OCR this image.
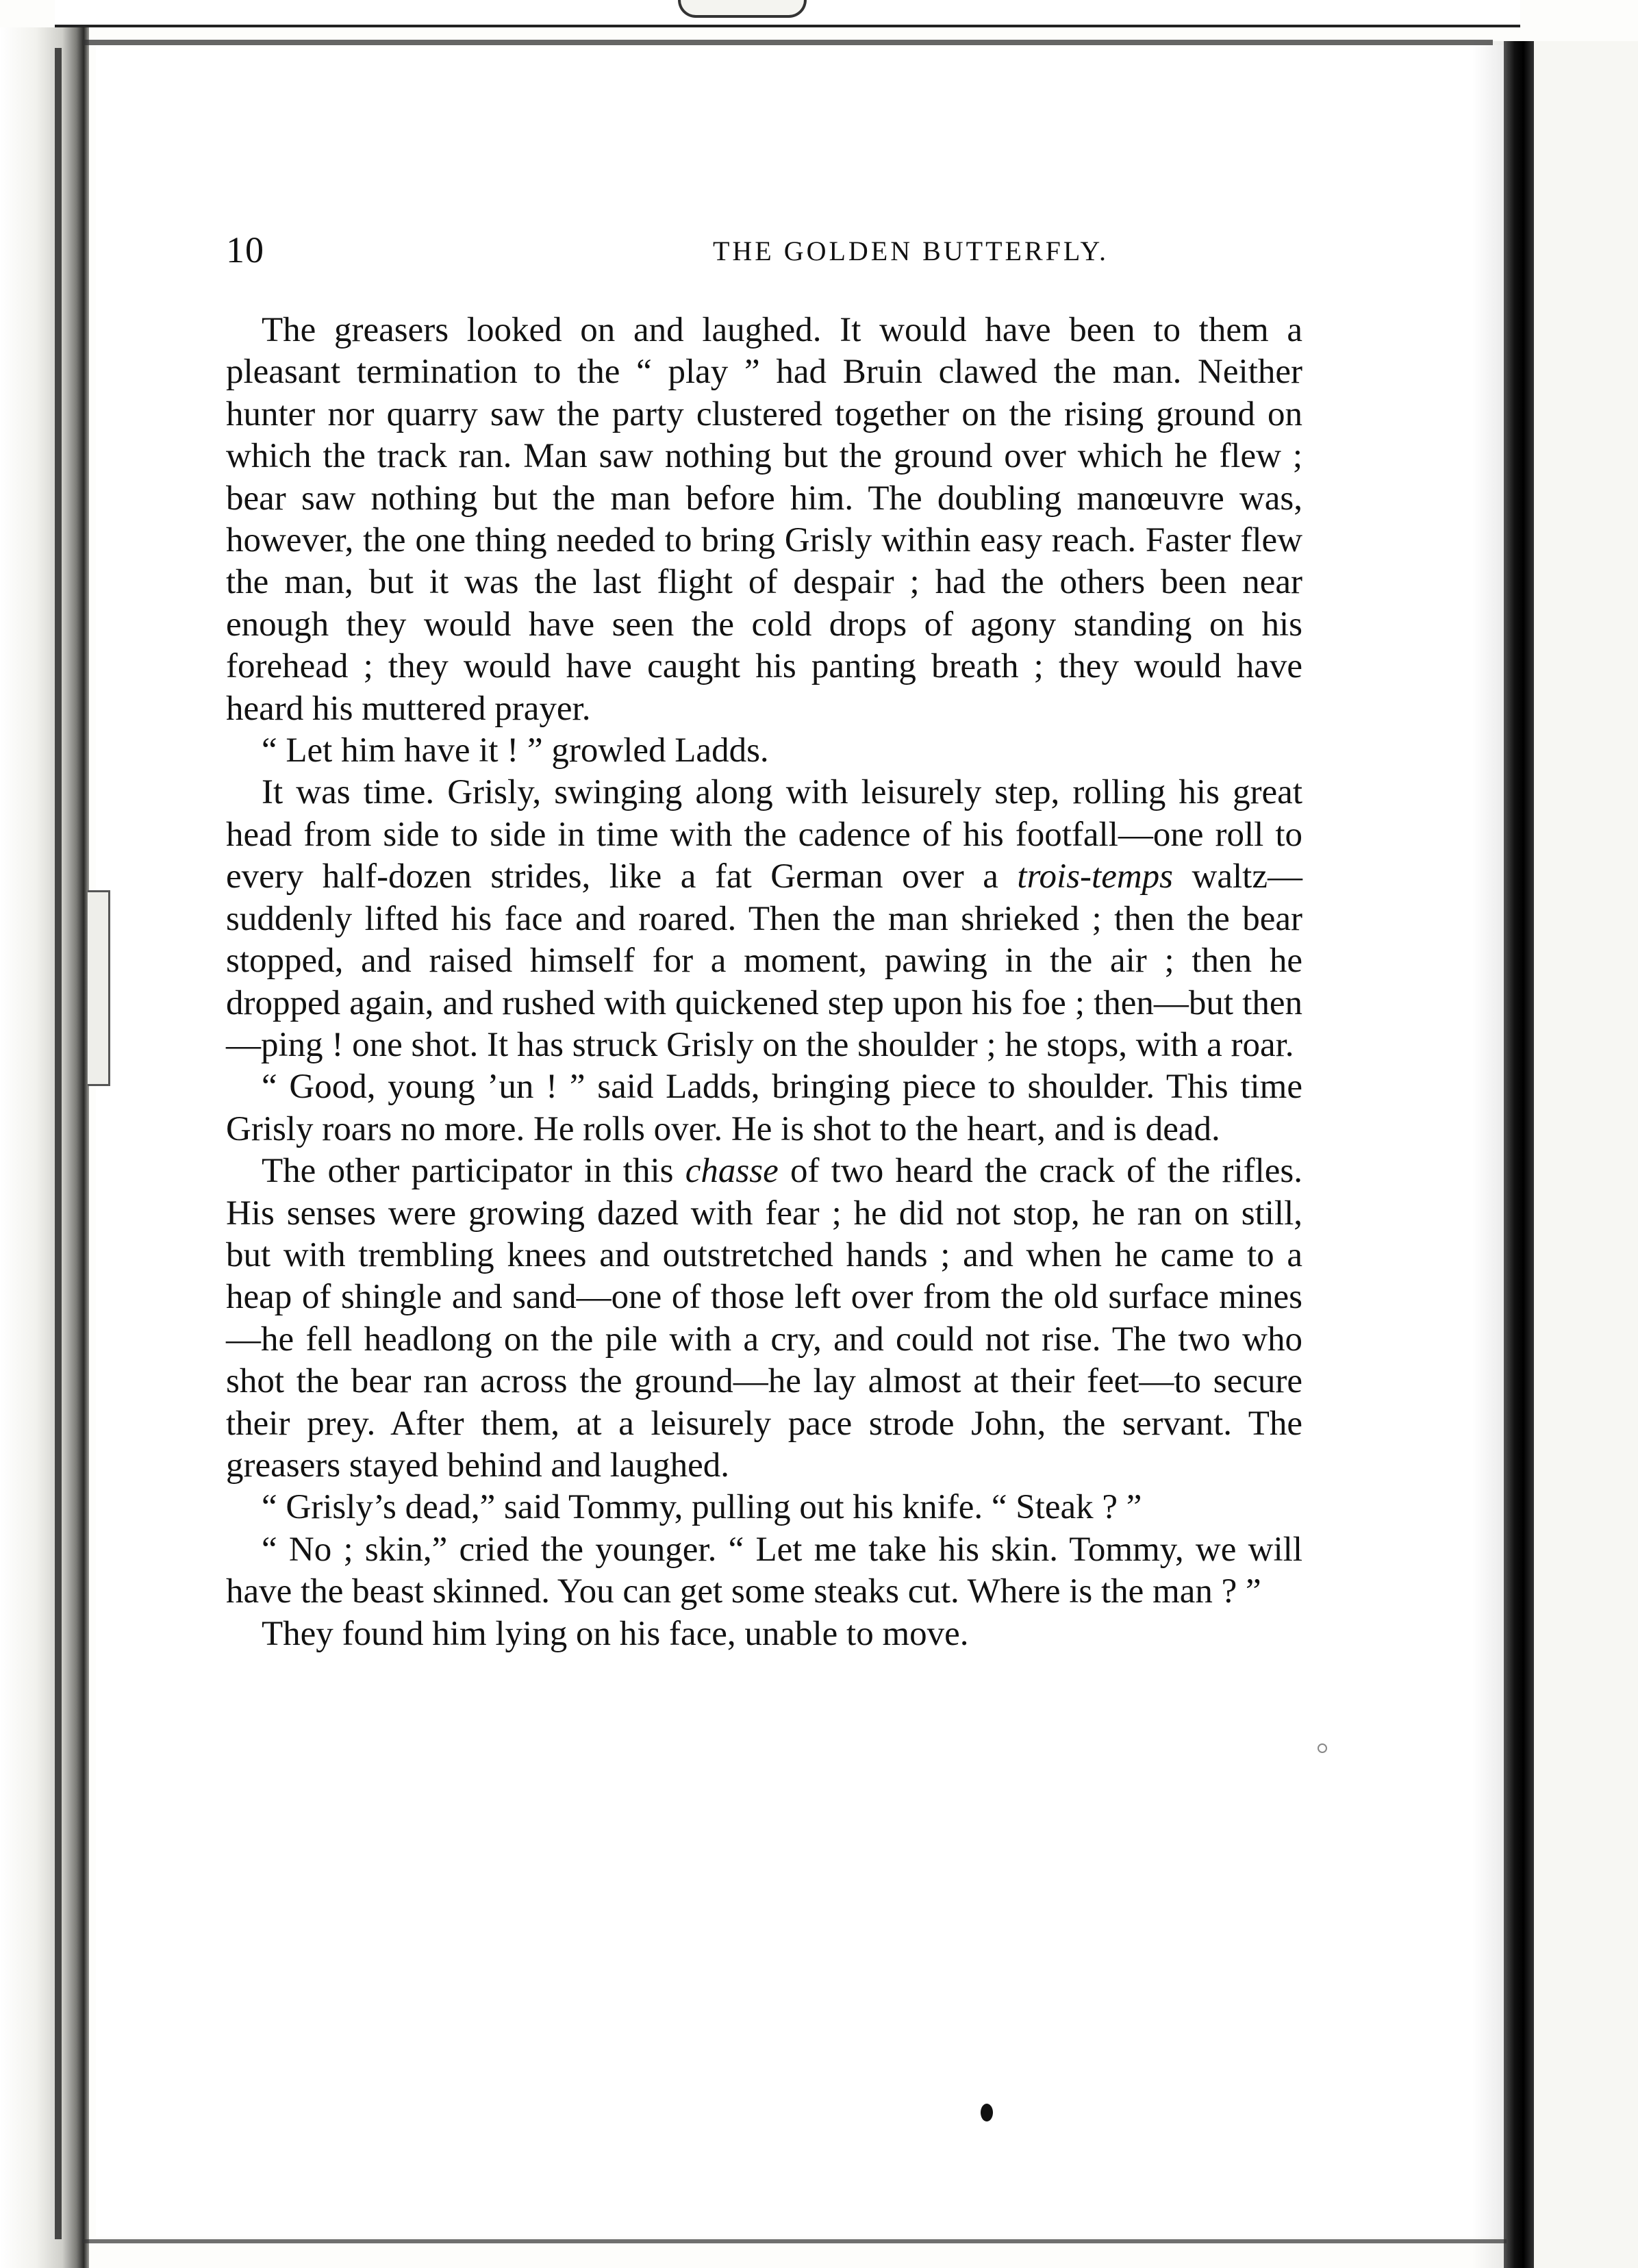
10	THE GOLDEN BUTTERFLY.

The greasers looked on and laughed. It would have been to them a pleasant termination to the “ play ” had Bruin clawed the man. Neither hunter nor quarry saw the party clustered together on the rising ground on which the track ran. Man saw nothing but the ground over which he flew ; bear saw nothing but the man before him. The doubling manœuvre was, however, the one thing needed to bring Grisly within easy reach. Faster flew the man, but it was the last flight of despair ; had the others been near enough they would have seen the cold drops of agony standing on his forehead ; they would have caught his panting breath ; they would have heard his muttered prayer.

“ Let him have it ! ” growled Ladds.

It was time. Grisly, swinging along with leisurely step, rolling his great head from side to side in time with the cadence of his footfall—one roll to every half-dozen strides, like a fat German over a trois-temps waltz—suddenly lifted his face and roared. Then the man shrieked ; then the bear stopped, and raised himself for a moment, pawing in the air ; then he dropped again, and rushed with quickened step upon his foe ; then—but then—ping ! one shot. It has struck Grisly on the shoulder ; he stops, with a roar.

“ Good, young ’un ! ” said Ladds, bringing piece to shoulder. This time Grisly roars no more. He rolls over. He is shot to the heart, and is dead.

The other participator in this chasse of two heard the crack of the rifles. His senses were growing dazed with fear ; he did not stop, he ran on still, but with trembling knees and outstretched hands ; and when he came to a heap of shingle and sand—one of those left over from the old surface mines—he fell headlong on the pile with a cry, and could not rise. The two who shot the bear ran across the ground—he lay almost at their feet—to secure their prey. After them, at a leisurely pace strode John, the servant. The greasers stayed behind and laughed.

“ Grisly’s dead,” said Tommy, pulling out his knife. “ Steak ? ”

“ No ; skin,” cried the younger. “ Let me take his skin. Tommy, we will have the beast skinned. You can get some steaks cut. Where is the man ? ”

They found him lying on his face, unable to move.
